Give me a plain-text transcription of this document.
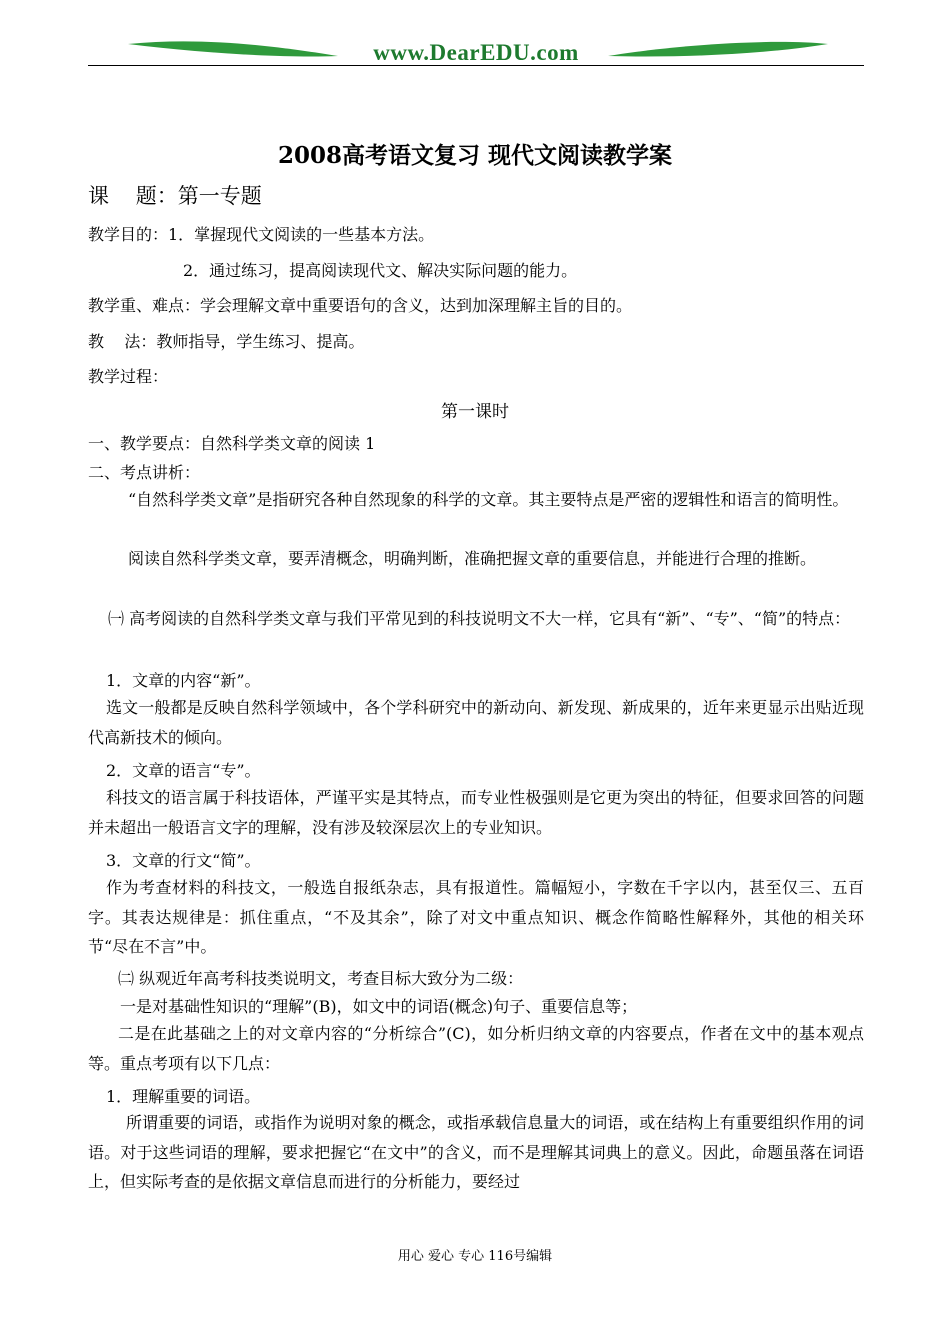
www.DearEDU.com
2008高考语文复习 现代文阅读教学案
课    题：第一专题
教学目的：1．掌握现代文阅读的一些基本方法。
2．通过练习，提高阅读现代文、解决实际问题的能力。
教学重、难点：学会理解文章中重要语句的含义，达到加深理解主旨的目的。
教    法：教师指导，学生练习、提高。
教学过程：
第一课时
一、教学要点：自然科学类文章的阅读 1
二、考点讲析：
“自然科学类文章”是指研究各种自然现象的科学的文章。其主要特点是严密的逻辑性和语言的简明性。
阅读自然科学类文章，要弄清概念，明确判断，准确把握文章的重要信息，并能进行合理的推断。
㈠ 高考阅读的自然科学类文章与我们平常见到的科技说明文不大一样，它具有“新”、“专”、“简”的特点：
1．文章的内容“新”。
选文一般都是反映自然科学领域中，各个学科研究中的新动向、新发现、新成果的，近年来更显示出贴近现代高新技术的倾向。
2．文章的语言“专”。
科技文的语言属于科技语体，严谨平实是其特点，而专业性极强则是它更为突出的特征，但要求回答的问题并未超出一般语言文字的理解，没有涉及较深层次上的专业知识。
3．文章的行文“简”。
作为考查材料的科技文，一般选自报纸杂志，具有报道性。篇幅短小，字数在千字以内，甚至仅三、五百字。其表达规律是：抓住重点，“不及其余”，除了对文中重点知识、概念作简略性解释外，其他的相关环节“尽在不言”中。
㈡ 纵观近年高考科技类说明文，考查目标大致分为二级：
一是对基础性知识的“理解”(B)，如文中的词语(概念)句子、重要信息等；
二是在此基础之上的对文章内容的“分析综合”(C)，如分析归纳文章的内容要点，作者在文中的基本观点等。重点考项有以下几点：
1．理解重要的词语。
所谓重要的词语，或指作为说明对象的概念，或指承载信息量大的词语，或在结构上有重要组织作用的词语。对于这些词语的理解，要求把握它“在文中”的含义，而不是理解其词典上的意义。因此，命题虽落在词语上，但实际考查的是依据文章信息而进行的分析能力，要经过
用心 爱心 专心 116号编辑
